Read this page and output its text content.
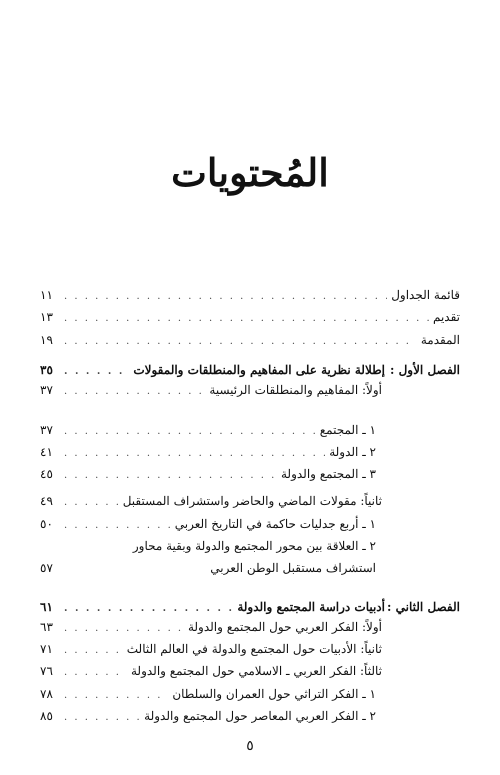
المُحتويات
قائمة الجداول
. . .
١١
تقديم
. . .
١٣
المقدمة
. . .
١٩
الفصل الأول :
إطلالة نظرية على المفاهيم والمنطلقات والمقولات
. . .
٣٥
أولاً: المفاهيم والمنطلقات الرئيسية
. . .
٣٧
١ ـ المجتمع
. . .
٣٧
٢ ـ الدولة
. . .
٤١
٣ ـ المجتمع والدولة
. . .
٤٥
ثانياً: مقولات الماضي والحاضر واستشراف المستقبل
. . .
٤٩
١ ـ أربع جدليات حاكمة في التاريخ العربي
. . .
٥٠
٢ ـ العلاقة بين محور المجتمع والدولة وبقية محاور
استشراف مستقبل الوطن العربي
٥٧
الفصل الثاني :
أدبيات دراسة المجتمع والدولة
. . .
٦١
أولاً: الفكر العربي حول المجتمع والدولة
. . .
٦٣
ثانياً: الأدبيات حول المجتمع والدولة في العالم الثالث
. . .
٧١
ثالثاً: الفكر العربي ـ الاسلامي حول المجتمع والدولة
. . .
٧٦
١ ـ الفكر التراثي حول العمران والسلطان
. . .
٧٨
٢ ـ الفكر العربي المعاصر حول المجتمع والدولة
. . .
٨٥
٥
